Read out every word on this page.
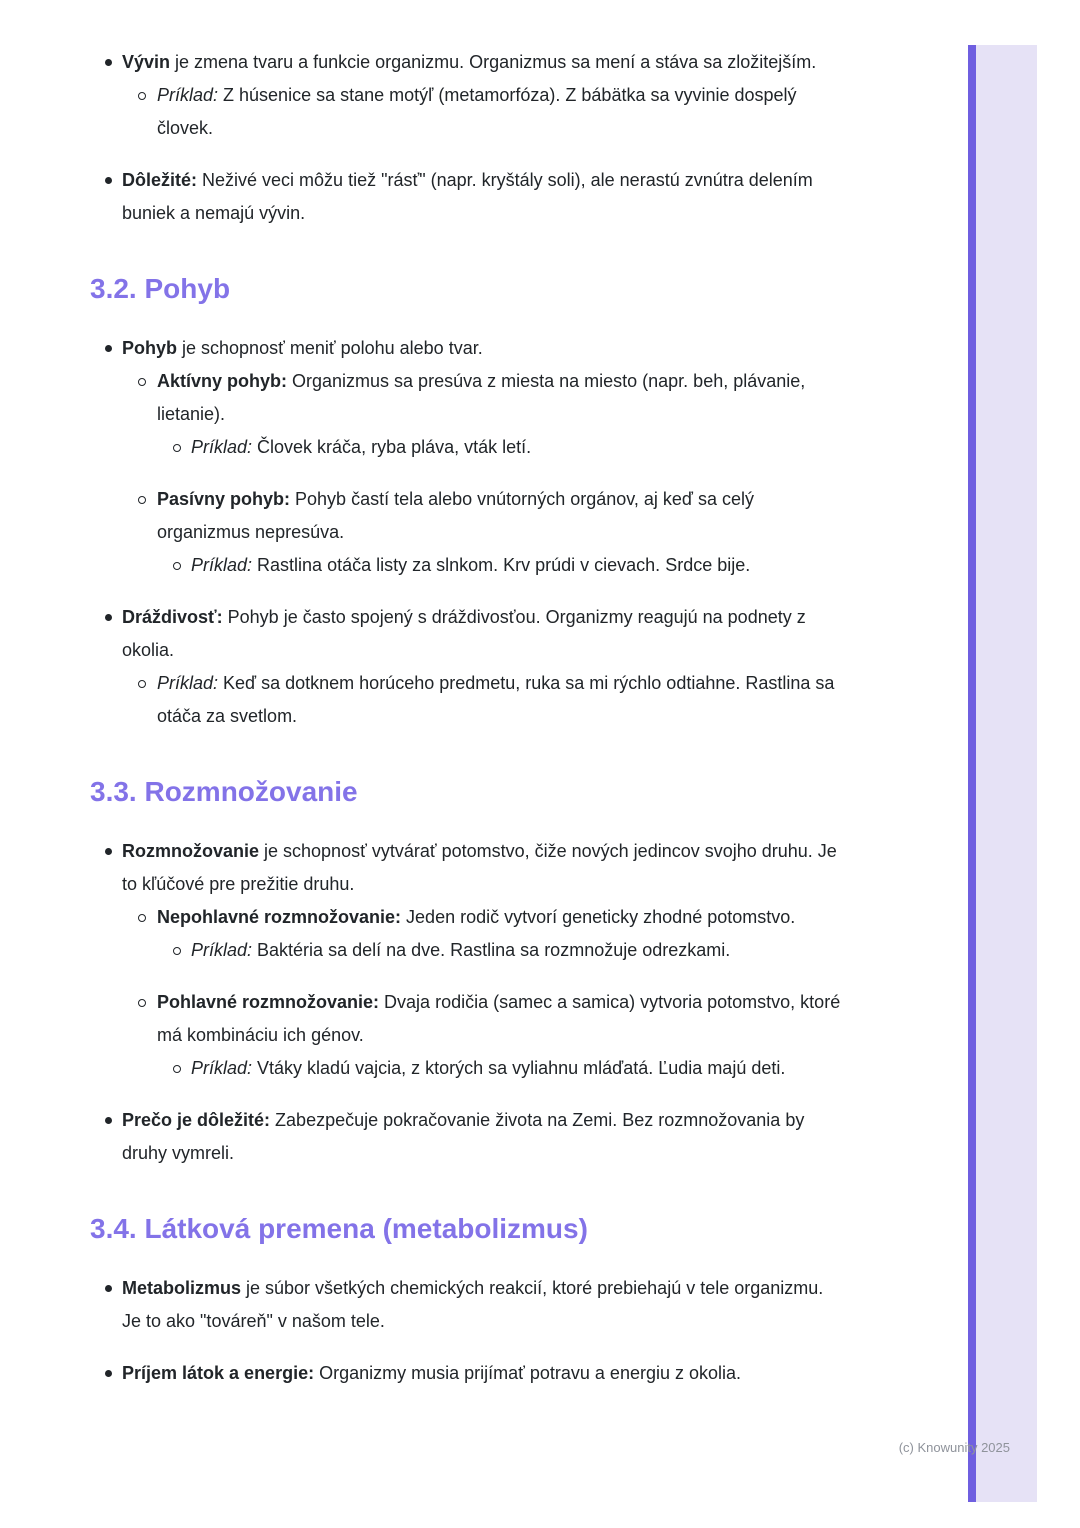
Vývin je zmena tvaru a funkcie organizmu. Organizmus sa mení a stáva sa zložitejším.
Príklad: Z húsenice sa stane motýľ (metamorfóza). Z bábätka sa vyvinie dospelý človek.
Dôležité: Neživé veci môžu tiež "rásť" (napr. kryštály soli), ale nerastú zvnútra delením buniek a nemajú vývin.
3.2. Pohyb
Pohyb je schopnosť meniť polohu alebo tvar.
Aktívny pohyb: Organizmus sa presúva z miesta na miesto (napr. beh, plávanie, lietanie).
Príklad: Človek kráča, ryba pláva, vták letí.
Pasívny pohyb: Pohyb častí tela alebo vnútorných orgánov, aj keď sa celý organizmus nepresúva.
Príklad: Rastlina otáča listy za slnkom. Krv prúdi v cievach. Srdce bije.
Dráždivosť: Pohyb je často spojený s dráždivosťou. Organizmy reagujú na podnety z okolia.
Príklad: Keď sa dotknem horúceho predmetu, ruka sa mi rýchlo odtiahne. Rastlina sa otáča za svetlom.
3.3. Rozmnožovanie
Rozmnožovanie je schopnosť vytvárať potomstvo, čiže nových jedincov svojho druhu. Je to kľúčové pre prežitie druhu.
Nepohlavné rozmnožovanie: Jeden rodič vytvorí geneticky zhodné potomstvo.
Príklad: Baktéria sa delí na dve. Rastlina sa rozmnožuje odrezkami.
Pohlavné rozmnožovanie: Dvaja rodičia (samec a samica) vytvoria potomstvo, ktoré má kombináciu ich génov.
Príklad: Vtáky kladú vajcia, z ktorých sa vyliahnu mláďatá. Ľudia majú deti.
Prečo je dôležité: Zabezpečuje pokračovanie života na Zemi. Bez rozmnožovania by druhy vymreli.
3.4. Látková premena (metabolizmus)
Metabolizmus je súbor všetkých chemických reakcií, ktoré prebiehajú v tele organizmu. Je to ako "továreň" v našom tele.
Príjem látok a energie: Organizmy musia prijímať potravu a energiu z okolia.
(c) Knowunity 2025
